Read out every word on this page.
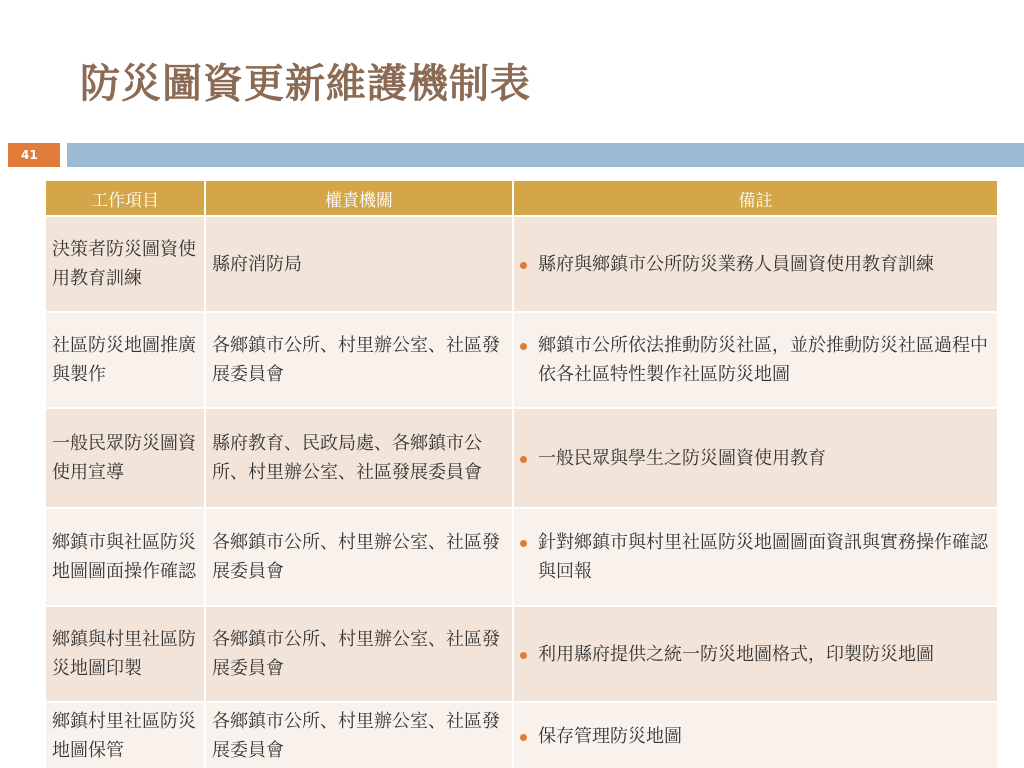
防災圖資更新維護機制表
41
工作項目	權責機關	備註
決策者防災圖資使用教育訓練	縣府消防局	縣府與鄉鎮市公所防災業務人員圖資使用教育訓練

社區防災地圖推廣與製作	各鄉鎮市公所、村里辦公室、社區發展委員會	鄉鎮市公所依法推動防災社區，並於推動防災社區過程中依各社區特性製作社區防災地圖

一般民眾防災圖資使用宣導	縣府教育、民政局處、各鄉鎮市公所、村里辦公室、社區發展委員會	一般民眾與學生之防災圖資使用教育

鄉鎮市與社區防災地圖圖面操作確認	各鄉鎮市公所、村里辦公室、社區發展委員會	針對鄉鎮市與村里社區防災地圖圖面資訊與實務操作確認與回報

鄉鎮與村里社區防災地圖印製	各鄉鎮市公所、村里辦公室、社區發展委員會	利用縣府提供之統一防災地圖格式，印製防災地圖

鄉鎮村里社區防災地圖保管	各鄉鎮市公所、村里辦公室、社區發展委員會	保存管理防災地圖
